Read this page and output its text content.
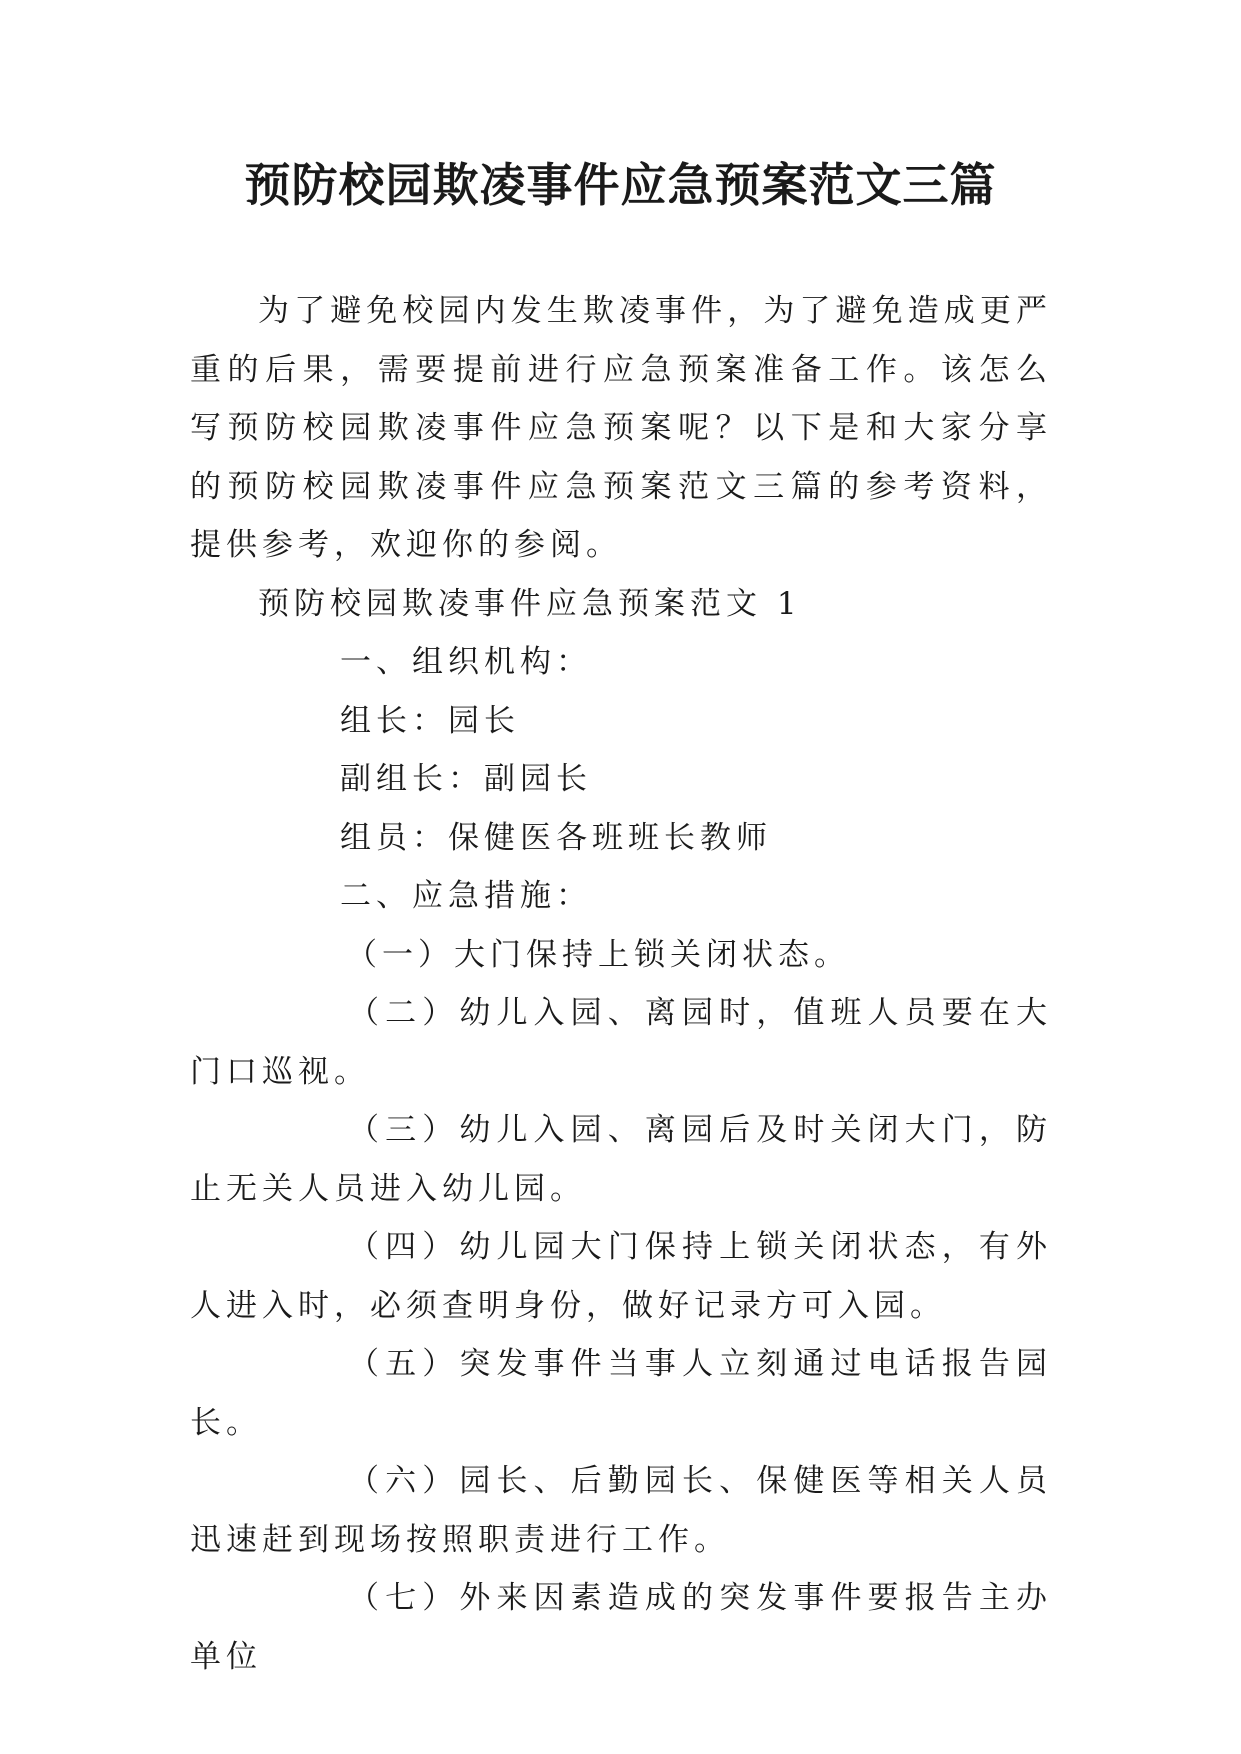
预防校园欺凌事件应急预案范文三篇

为了避免校园内发生欺凌事件，为了避免造成更严重的后果，需要提前进行应急预案准备工作。该怎么写预防校园欺凌事件应急预案呢？以下是和大家分享的预防校园欺凌事件应急预案范文三篇的参考资料，提供参考，欢迎你的参阅。

预防校园欺凌事件应急预案范文 1

一、组织机构：

组长：园长

副组长：副园长

组员：保健医各班班长教师

二、应急措施：

（一）大门保持上锁关闭状态。

（二）幼儿入园、离园时，值班人员要在大门口巡视。

（三）幼儿入园、离园后及时关闭大门，防止无关人员进入幼儿园。

（四）幼儿园大门保持上锁关闭状态，有外人进入时，必须查明身份，做好记录方可入园。

（五）突发事件当事人立刻通过电话报告园长。

（六）园长、后勤园长、保健医等相关人员迅速赶到现场按照职责进行工作。

（七）外来因素造成的突发事件要报告主办单位
